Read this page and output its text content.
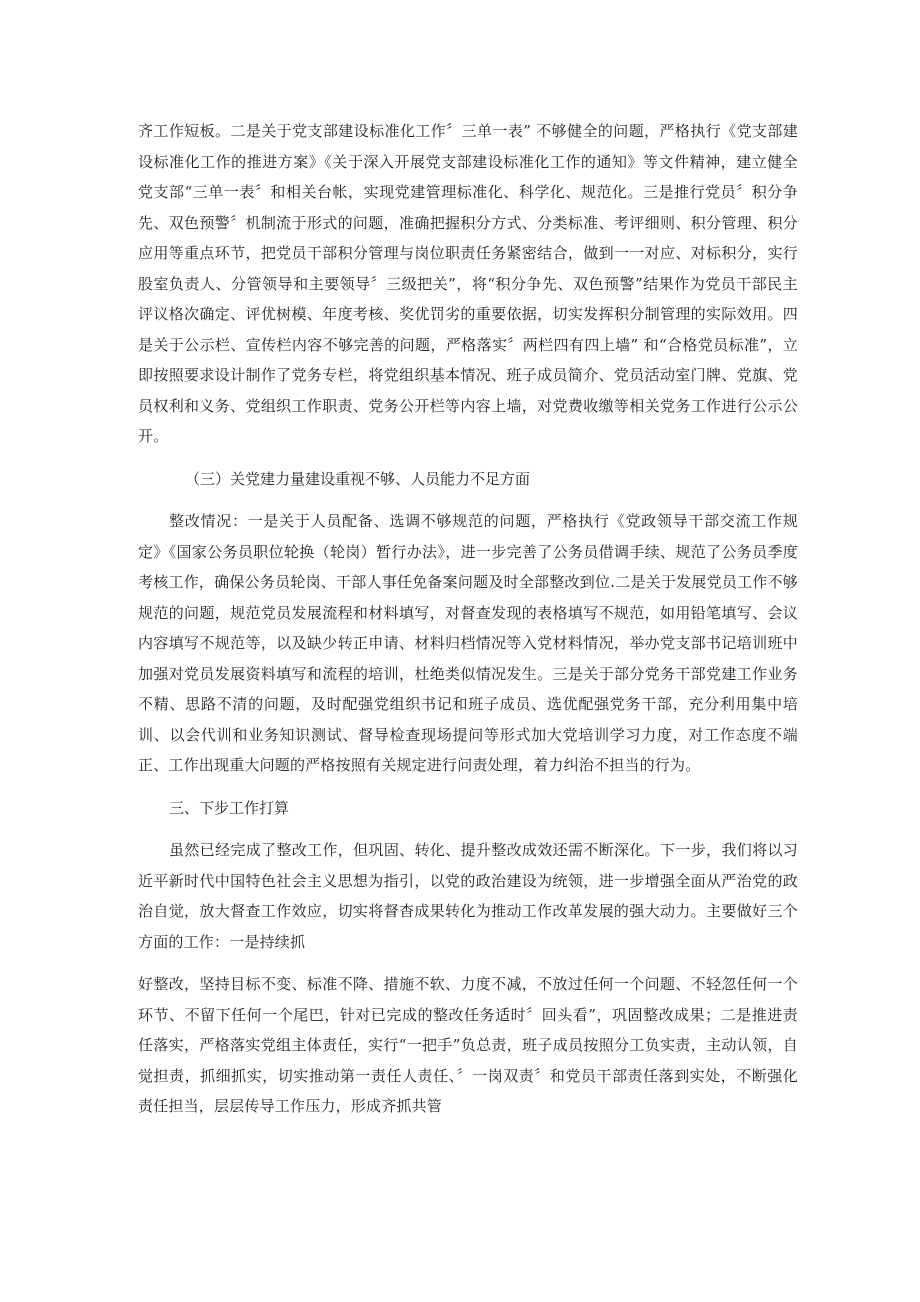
齐工作短板。二是关于党支部建设标准化工作〞三单一表” 不够健全的问题，严格执行《党支部建设标准化工作的推进方案》《关于深入开展党支部建设标准化工作的通知》等文件精神，建立健全党支部“三单一表〞和相关台帐，实现党建管理标准化、科学化、规范化。三是推行党员〞积分争先、双色预警〞机制流于形式的问题，准确把握积分方式、分类标准、考评细则、积分管理、积分应用等重点环节，把党员干部积分管理与岗位职责任务紧密结合，做到一一对应、对标积分，实行股室负责人、分管领导和主要领导〞三级把关”，将“积分争先、双色预警”结果作为党员干部民主评议格次确定、评优树模、年度考核、奖优罚劣的重要依据，切实发挥积分制管理的实际效用。四是关于公示栏、宣传栏内容不够完善的问题，严格落实〞两栏四有四上墙” 和“合格党员标准”，立即按照要求设计制作了党务专栏，将党组织基本情况、班子成员简介、党员活动室门牌、党旗、党员权利和义务、党组织工作职责、党务公开栏等内容上墙，对党费收缴等相关党务工作进行公示公开。

（三）关党建力量建设重视不够、人员能力不足方面

整改情况：一是关于人员配备、选调不够规范的问题，严格执行《党政领导干部交流工作规定》《国家公务员职位轮换（轮岗）暂行办法》，进一步完善了公务员借调手续、规范了公务员季度考核工作，确保公务员轮岗、干部人事任免备案问题及时全部整改到位.二是关于发展党员工作不够规范的问题，规范党员发展流程和材料填写，对督查发现的表格填写不规范，如用铅笔填写、会议内容填写不规范等，以及缺少转正申请、材料归档情况等入党材料情况，举办党支部书记培训班中加强对党员发展资料填写和流程的培训，杜绝类似情况发生。三是关于部分党务干部党建工作业务不精、思路不清的问题，及时配强党组织书记和班子成员、选优配强党务干部，充分利用集中培训、以会代训和业务知识测试、督导检查现场提问等形式加大党培训学习力度，对工作态度不端正、工作出现重大问题的严格按照有关规定进行问责处理，着力纠治不担当的行为。

三、下步工作打算

虽然已经完成了整改工作，但巩固、转化、提升整改成效还需不断深化。下一步，我们将以习近平新时代中国特色社会主义思想为指引，以党的政治建设为统领，进一步增强全面从严治党的政治自觉，放大督查工作效应，切实将督杳成果转化为推动工作改革发展的强大动力。主要做好三个方面的工作：一是持续抓

好整改，坚持目标不变、标准不降、措施不软、力度不减，不放过任何一个问题、不轻忽任何一个环节、不留下任何一个尾巴，针对已完成的整改任务适时〞回头看”，巩固整改成果；二是推进责任落实，严格落实党组主体责任，实行“一把手”负总责，班子成员按照分工负实责，主动认领，自觉担责，抓细抓实，切实推动第一责任人责任、〞一岗双责〞和党员干部责任落到实处，不断强化责任担当，层层传导工作压力，形成齐抓共管
